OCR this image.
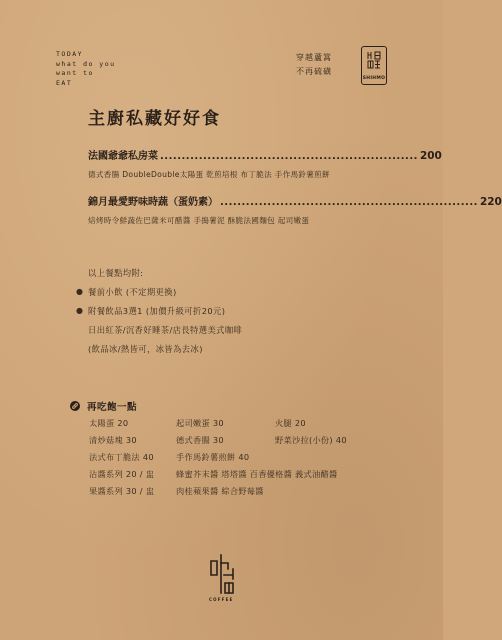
TODAY
what do you
want to
EAT
穿越蘆篙
不再硫磺
SHIHMO
主廚私藏好好食
法國爺爺私房菜 ............................................................ 200
德式香腸 DoubleDouble太陽蛋 乾煎培根 布丁脆法 手作馬鈴薯煎餅
錦月最愛野味時蔬（蛋奶素） ............................................................ 220
焙烤時令鮮蔬佐巴薩米可醋醬 手搗薯泥 酥脆法國麵包 起司嫩蛋
以上餐點均附:
● 餐前小飲 (不定期更換)
● 附餐飲品3選1 (加價升級可折20元)
日出紅茶/沉香好睡茶/店長特選美式咖啡
(飲品冰/熱皆可，冰皆為去冰)
再吃飽一點
太陽蛋 20
清炒菇塊 30
法式布丁脆法 40
沾醬系列 20 / 盅
果醬系列 30 / 盅
起司嫩蛋 30
德式香腸 30
手作馬鈴薯煎餅 40
蜂蜜芥末醬 塔塔醬 百香優格醬 義式油醋醬
肉桂蘋果醬 綜合野莓醬
火腿 20
野菜沙拉(小份) 40
COFFEE
